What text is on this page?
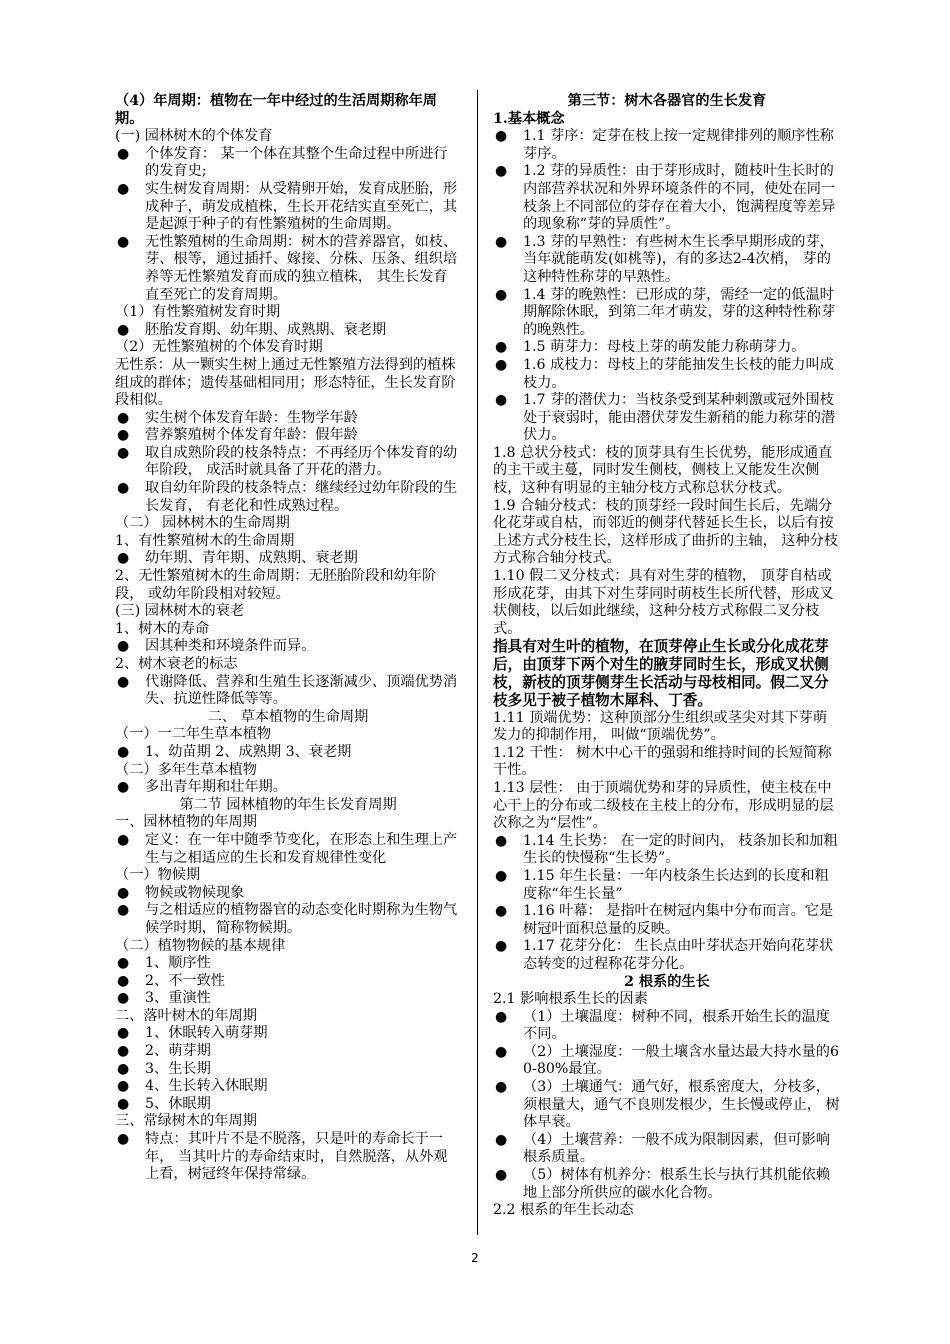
（4）年周期：植物在一年中经过的生活周期称年周期。

(一) 园林树木的个体发育

● 个体发育： 某一个体在其整个生命过程中所进行的发育史;
● 实生树发育周期：从受精卵开始，发育成胚胎，形成种子，萌发成植株，生长开花结实直至死亡，其是起源于种子的有性繁殖树的生命周期。
● 无性繁殖树的生命周期：树木的营养器官，如枝、芽、根等，通过插扦、嫁接、分株、压条、组织培养等无性繁殖发育而成的独立植株， 其生长发育直至死亡的发育周期。

（1）有性繁殖树发育时期

● 胚胎发育期、幼年期、成熟期、衰老期

（2）无性繁殖树的个体发育时期

无性系：从一颗实生树上通过无性繁殖方法得到的植株组成的群体；遗传基础相同用；形态特征，生长发育阶段相似。

● 实生树个体发育年龄：生物学年龄
● 营养繁殖树个体发育年龄：假年龄
● 取自成熟阶段的枝条特点：不再经历个体发育的幼年阶段， 成活时就具备了开花的潜力。
● 取自幼年阶段的枝条特点：继续经过幼年阶段的生长发育， 有老化和性成熟过程。

（二） 园林树木的生命周期

1、有性繁殖树木的生命周期

● 幼年期、青年期、成熟期、衰老期

2、无性繁殖树木的生命周期：无胚胎阶段和幼年阶段， 或幼年阶段相对较短。

(三) 园林树木的衰老

1、树木的寿命

● 因其种类和环境条件而异。

2、树木衰老的标志

● 代谢降低、营养和生殖生长逐渐减少、顶端优势消失、抗逆性降低等等。

二、 草本植物的生命周期

（一）一二年生草本植物

● 1、幼苗期 2、成熟期 3、衰老期

（二）多年生草本植物

● 多出青年期和壮年期。

第二节 园林植物的年生长发育周期

一、园林植物的年周期

● 定义：在一年中随季节变化，在形态上和生理上产生与之相适应的生长和发育规律性变化

（一）物候期

● 物候或物候现象
● 与之相适应的植物器官的动态变化时期称为生物气候学时期，简称物候期。

（二）植物物候的基本规律

● 1、顺序性
● 2、不一致性
● 3、重演性

二、落叶树木的年周期

● 1、休眠转入萌芽期
● 2、萌芽期
● 3、生长期
● 4、生长转入休眠期
● 5、休眠期

三、常绿树木的年周期

● 特点：其叶片不是不脱落，只是叶的寿命长于一年， 当其叶片的寿命结束时，自然脱落，从外观上看，树冠终年保持常绿。

第三节：树木各器官的生长发育

1.基本概念

● 1.1 芽序：定芽在枝上按一定规律排列的顺序性称芽序。
● 1.2 芽的异质性：由于芽形成时，随枝叶生长时的内部营养状况和外界环境条件的不同，使处在同一枝条上不同部位的芽存在着大小，饱满程度等差异的现象称“芽的异质性”。
● 1.3 芽的早熟性：有些树木生长季早期形成的芽，当年就能萌发(如桃等)，有的多达2-4次梢， 芽的这种特性称芽的早熟性。
● 1.4 芽的晚熟性：已形成的芽，需经一定的低温时期解除休眠，到第二年才萌发，芽的这种特性称芽的晚熟性。
● 1.5 萌芽力：母枝上芽的萌发能力称萌芽力。
● 1.6 成枝力：母枝上的芽能抽发生长枝的能力叫成枝力。
● 1.7 芽的潜伏力：当枝条受到某种刺激或冠外围枝处于衰弱时，能由潜伏芽发生新稍的能力称芽的潜伏力。

1.8 总状分枝式：枝的顶芽具有生长优势，能形成通直的主干或主蔓，同时发生侧枝，侧枝上又能发生次侧枝，这种有明显的主轴分枝方式称总状分枝式。

1.9 合轴分枝式：枝的顶芽经一段时间生长后，先端分化花芽或自枯，而邻近的侧芽代替延长生长，以后有按上述方式分枝生长，这样形成了曲折的主轴， 这种分枝方式称合轴分枝式。

1.10 假二叉分枝式：具有对生芽的植物， 顶芽自枯或形成花芽，由其下对生芽同时萌枝生长所代替，形成叉状侧枝，以后如此继续，这种分枝方式称假二叉分枝式。

指具有对生叶的植物，在顶芽停止生长或分化成花芽后，由顶芽下两个对生的腋芽同时生长，形成叉状侧枝，新枝的顶芽侧芽生长活动与母枝相同。假二叉分枝多见于被子植物木犀科、丁香。

1.11 顶端优势：这种顶部分生组织或茎尖对其下芽萌发力的抑制作用， 叫做“顶端优势”。

1.12 干性： 树木中心干的强弱和维持时间的长短简称干性。

1.13 层性： 由于顶端优势和芽的异质性，使主枝在中心干上的分布或二级枝在主枝上的分布，形成明显的层次称之为“层性”。

● 1.14 生长势： 在一定的时间内， 枝条加长和加粗生长的快慢称“生长势”。
● 1.15 年生长量：一年内枝条生长达到的长度和粗度称“年生长量”
● 1.16 叶幕： 是指叶在树冠内集中分布而言。它是树冠叶面积总量的反映。
● 1.17 花芽分化： 生长点由叶芽状态开始向花芽状态转变的过程称花芽分化。

2 根系的生长

2.1 影响根系生长的因素

● （1）土壤温度：树种不同，根系开始生长的温度不同。
● （2）土壤湿度：一般土壤含水量达最大持水量的60-80%最宜。
● （3）土壤通气：通气好，根系密度大，分枝多，须根量大，通气不良则发根少，生长慢或停止， 树体早衰。
● （4）土壤营养：一般不成为限制因素，但可影响根系质量。
● （5）树体有机养分：根系生长与执行其机能依赖地上部分所供应的碳水化合物。

2.2 根系的年生长动态

2
